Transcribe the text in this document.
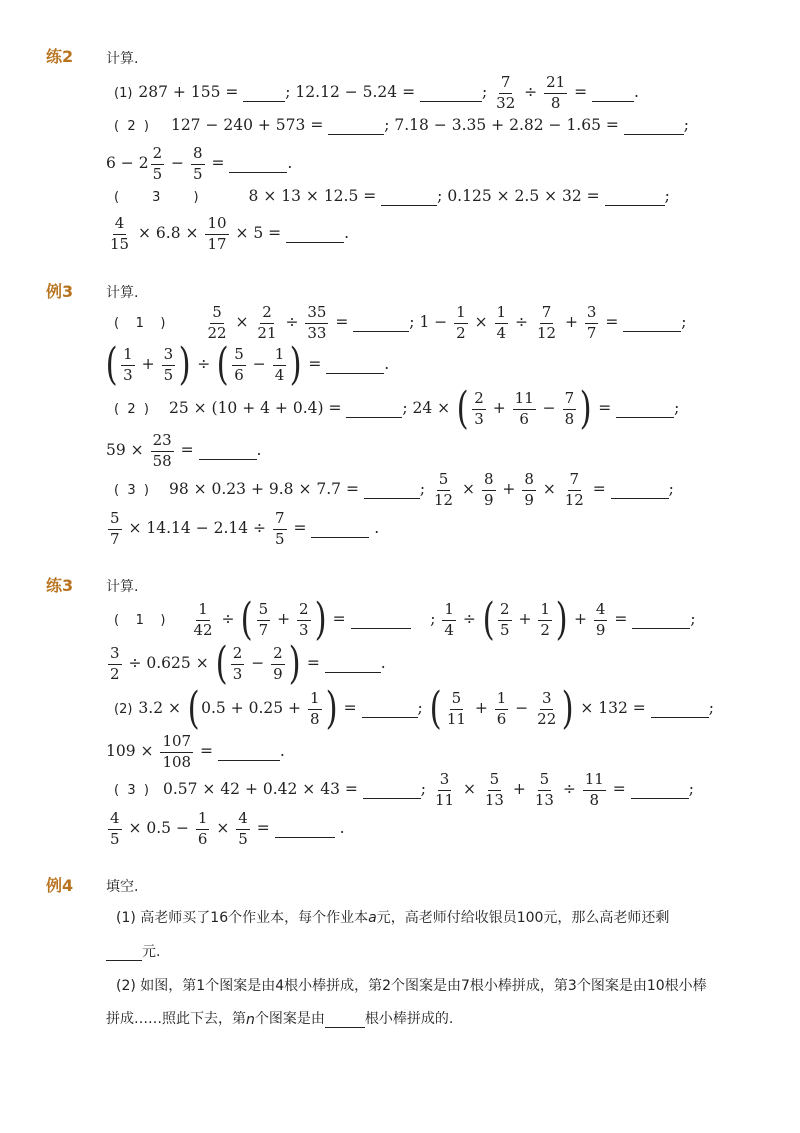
练2 计算.
(1) 287 + 155 =	; 12.12 − 5.24 =	; $\frac{7}{32} \div \frac{21}{8}$ =	.
(  2  ) 127 − 240 + 573 =	; 7.18 − 3.35 + 2.82 − 1.65 =	;
$6 - 2 \frac{2}{5} - \frac{8}{5}$ =	.
(        3        )	8 × 13 × 12.5 =	; 0.125 × 2.5 × 32 =	;
$\frac{4}{15} \times 6.8 \times \frac{10}{17} \times 5$ =	.
例3 计算.
(    1    )	$\frac{5}{22} \times \frac{2}{21} \div \frac{35}{33}$ =	; $1 - \frac{1}{2} \times \frac{1}{4} \div \frac{7}{12} + \frac{3}{7}$ =	;
( $\frac{1}{3} + \frac{3}{5}$ ) ÷ ( $\frac{5}{6} - \frac{1}{4}$ ) =	.
(  2  ) 25 × (10 + 4 + 0.4) =	; 24 × ( $\frac{2}{3} + \frac{11}{6} - \frac{7}{8}$ ) =	;
$59 \times \frac{23}{58}$ =	.
(  3  ) 98 × 0.23 + 9.8 × 7.7 =	; $\frac{5}{12} \times \frac{8}{9} + \frac{8}{9} \times \frac{7}{12}$ =	;
$\frac{5}{7} \times 14.14 - 2.14 \div \frac{7}{5}$ =	.
练3 计算.
(    1    ) $\frac{1}{42}$ ÷ ( $\frac{5}{7} + \frac{2}{3}$ ) =	; $\frac{1}{4}$ ÷ ( $\frac{2}{5} + \frac{1}{2}$ ) + $\frac{4}{9}$ =	;
$\frac{3}{2} \div 0.625$ × ( $\frac{2}{3} - \frac{2}{9}$ ) =	.
(2) 3.2 × ( $0.5 + 0.25 + \frac{1}{8}$ ) =	; ( $\frac{5}{11} + \frac{1}{6} - \frac{3}{22}$ ) × 132 =	;
$109 \times \frac{107}{108}$ =	.
(  3  ) 0.57 × 42 + 0.42 × 43 =	; $\frac{3}{11} \times \frac{5}{13} + \frac{5}{13} \div \frac{11}{8}$ =	;
$\frac{4}{5} \times 0.5 - \frac{1}{6} \times \frac{4}{5}$ =	.
例4 填空.
(1) 高老师买了16个作业本，每个作业本a元，高老师付给收银员100元，那么高老师还剩
元.
(2) 如图，第1个图案是由4根小棒拼成，第2个图案是由7根小棒拼成，第3个图案是由10根小棒
拼成……照此下去，第 n 个图案是由	根小棒拼成的.
